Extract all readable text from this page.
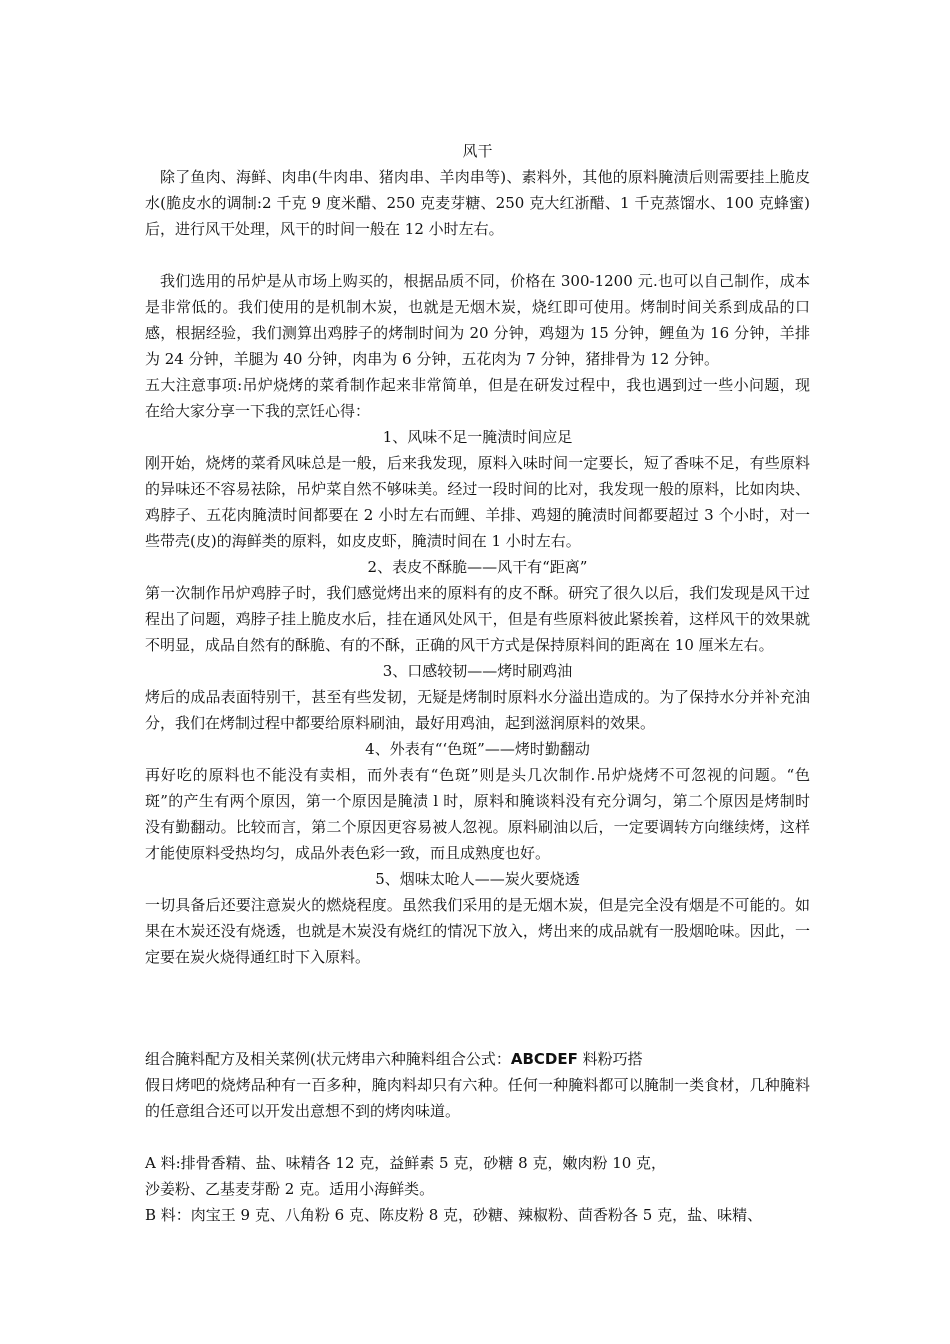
风干

除了鱼肉、海鲜、肉串(牛肉串、猪肉串、羊肉串等)、素料外，其他的原料腌渍后则需要挂上脆皮水(脆皮水的调制:2 千克 9 度米醋、250 克麦芽糖、250 克大红浙醋、1 千克蒸馏水、100 克蜂蜜)后，进行风干处理，风干的时间一般在 12 小时左右。

我们选用的吊炉是从市场上购买的，根据品质不同，价格在 300-1200 元.也可以自己制作，成本是非常低的。我们使用的是机制木炭，也就是无烟木炭，烧红即可使用。烤制时间关系到成品的口感，根据经验，我们测算出鸡脖子的烤制时间为 20 分钟，鸡翅为 15 分钟，鲤鱼为 16 分钟，羊排为 24 分钟，羊腿为 40 分钟，肉串为 6 分钟，五花肉为 7 分钟，猪排骨为 12 分钟。

五大注意事项:吊炉烧烤的菜肴制作起来非常简单，但是在研发过程中，我也遇到过一些小问题，现在给大家分享一下我的烹饪心得：

1、风味不足一腌渍时间应足

刚开始，烧烤的菜肴风味总是一般，后来我发现，原料入味时间一定要长，短了香味不足，有些原料的异味还不容易祛除，吊炉菜自然不够味美。经过一段时间的比对，我发现一般的原料，比如肉块、鸡脖子、五花肉腌渍时间都要在 2 小时左右而鲤、羊排、鸡翅的腌渍时间都要超过 3 个小时，对一些带壳(皮)的海鲜类的原料，如皮皮虾，腌渍时间在 1 小时左右。

2、表皮不酥脆——风干有“距离”

第一次制作吊炉鸡脖子时，我们感觉烤出来的原料有的皮不酥。研究了很久以后，我们发现是风干过程出了问题，鸡脖子挂上脆皮水后，挂在通风处风干，但是有些原料彼此紧挨着，这样风干的效果就不明显，成品自然有的酥脆、有的不酥，正确的风干方式是保持原料间的距离在 10 厘米左右。

3、口感较韧——烤时刷鸡油

烤后的成品表面特别干，甚至有些发韧，无疑是烤制时原料水分溢出造成的。为了保持水分并补充油分，我们在烤制过程中都要给原料刷油，最好用鸡油，起到滋润原料的效果。

4、外表有“‘色斑”——烤时勤翻动

再好吃的原料也不能没有卖相，而外表有“色斑”则是头几次制作.吊炉烧烤不可忽视的问题。“色斑”的产生有两个原因，第一个原因是腌渍 l 时，原料和腌谈料没有充分调匀，第二个原因是烤制时没有勤翻动。比较而言，第二个原因更容易被人忽视。原料刷油以后，一定要调转方向继续烤，这样才能使原料受热均匀，成品外表色彩一致，而且成熟度也好。

5、烟味太呛人——炭火要烧透

一切具备后还要注意炭火的燃烧程度。虽然我们采用的是无烟木炭，但是完全没有烟是不可能的。如果在木炭还没有烧透，也就是木炭没有烧红的情况下放入，烤出来的成品就有一股烟呛味。因此，一定要在炭火烧得通红时下入原料。

组合腌料配方及相关菜例(状元烤串六种腌料组合公式：ABCDEF 料粉巧搭

假日烤吧的烧烤品种有一百多种，腌肉料却只有六种。任何一种腌料都可以腌制一类食材，几种腌料的任意组合还可以开发出意想不到的烤肉味道。

A 料:排骨香精、盐、味精各 12 克，益鲜素 5 克，砂糖 8 克，嫩肉粉 10 克，

沙姜粉、乙基麦芽酚 2 克。适用小海鲜类。

B 料：肉宝王 9 克、八角粉 6 克、陈皮粉 8 克，砂糖、辣椒粉、茴香粉各 5 克，盐、味精、
